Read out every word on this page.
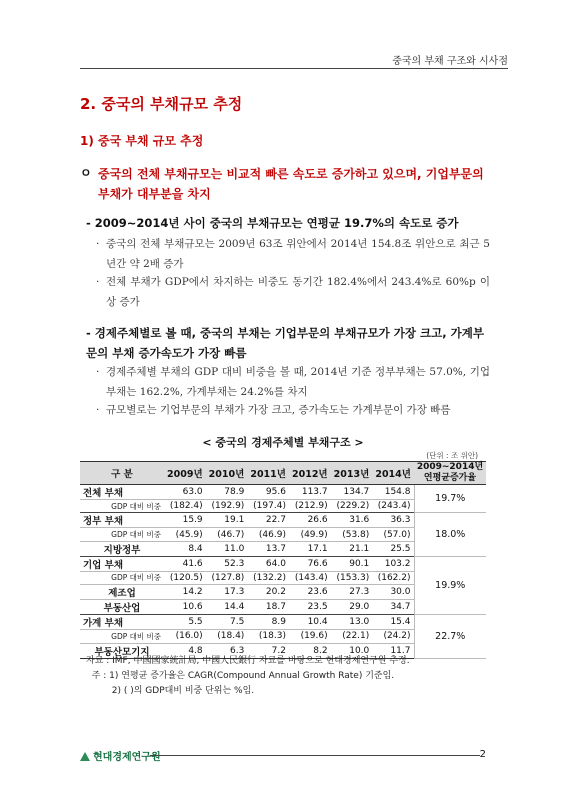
중국의 부채 구조와 시사점
2. 중국의 부채규모 추정
1) 중국 부채 규모 추정
ㅇ 중국의 전체 부채규모는 비교적 빠른 속도로 증가하고 있으며, 기업부문의 부채가 대부분을 차지
- 2009~2014년 사이 중국의 부채규모는 연평균 19.7%의 속도로 증가
· 중국의 전체 부채규모는 2009년 63조 위안에서 2014년 154.8조 위안으로 최근 5년간 약 2배 증가
· 전체 부채가 GDP에서 차지하는 비중도 동기간 182.4%에서 243.4%로 60%p 이상 증가
- 경제주체별로 볼 때, 중국의 부채는 기업부문의 부채규모가 가장 크고, 가계부문의 부채 증가속도가 가장 빠름
· 경제주체별 부채의 GDP 대비 비중을 볼 때, 2014년 기준 정부부채는 57.0%, 기업부채는 162.2%, 가계부채는 24.2%를 차지
· 규모별로는 기업부문의 부채가 가장 크고, 증가속도는 가계부문이 가장 빠름
< 중국의 경제주체별 부채구조 >
(단위 : 조 위안)
구 분	2009년	2010년	2011년	2012년	2013년	2014년	2009~2014년 연평균증가율
전체 부채	63.0	78.9	95.6	113.7	134.7	154.8	19.7%
GDP 대비 비중	(182.4)	(192.9)	(197.4)	(212.9)	(229.2)	(243.4)	
정부 부채	15.9	19.1	22.7	26.6	31.6	36.3	18.0%
GDP 대비 비중	(45.9)	(46.7)	(46.9)	(49.9)	(53.8)	(57.0)	
지방정부	8.4	11.0	13.7	17.1	21.1	25.5	
기업 부채	41.6	52.3	64.0	76.6	90.1	103.2	19.9%
GDP 대비 비중	(120.5)	(127.8)	(132.2)	(143.4)	(153.3)	(162.2)	
제조업	14.2	17.3	20.2	23.6	27.3	30.0	
부동산업	10.6	14.4	18.7	23.5	29.0	34.7	
가계 부채	5.5	7.5	8.9	10.4	13.0	15.4	22.7%
GDP 대비 비중	(16.0)	(18.4)	(18.3)	(19.6)	(22.1)	(24.2)	
부동산모기지	4.8	6.3	7.2	8.2	10.0	11.7	
자료 : IMF, 中國國家統計局, 中國人民銀行 자료를 바탕으로 현대경제연구원 추정.
주 : 1) 연평균 증가율은 CAGR(Compound Annual Growth Rate) 기준임.
2) ( )의 GDP대비 비중 단위는 %임.
현대경제연구원	2
